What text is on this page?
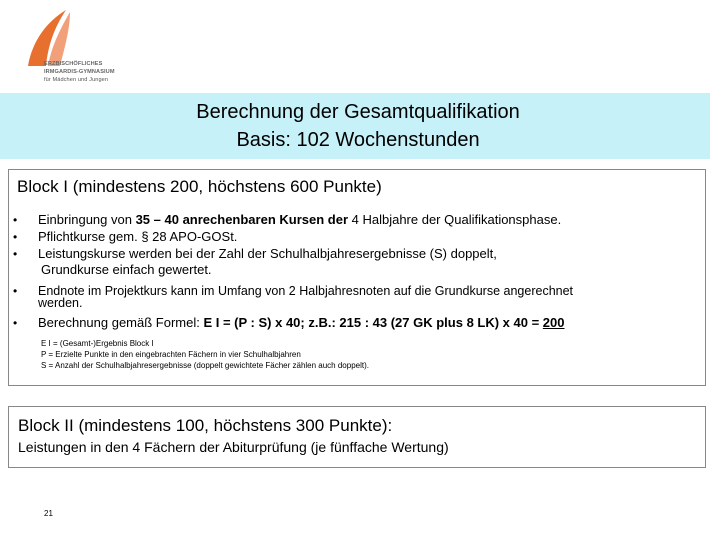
ERZBISCHÖFLICHES
IRMGARDIS-GYMNASIUM
für Mädchen und Jungen
Berechnung der Gesamtqualifikation
Basis: 102 Wochenstunden
Block I (mindestens 200, höchstens 600 Punkte)
• Einbringung von 35 – 40 anrechenbaren Kursen der 4 Halbjahre der Qualifikationsphase.
• Pflichtkurse gem. § 28 APO-GOSt.
• Leistungskurse werden bei der Zahl der Schulhalbjahresergebnisse (S) doppelt,
Grundkurse einfach gewertet.
• Endnote im Projektkurs kann im Umfang von 2 Halbjahresnoten auf die Grundkurse angerechnet
werden.
• Berechnung gemäß Formel: E I = (P : S) x 40; z.B.: 215 : 43 (27 GK plus 8 LK) x 40 = 200
E I = (Gesamt-)Ergebnis Block I
P = Erzielte Punkte in den eingebrachten Fächern in vier Schulhalbjahren
S = Anzahl der Schulhalbjahresergebnisse (doppelt gewichtete Fächer zählen auch doppelt).
Block II (mindestens 100, höchstens 300 Punkte):
Leistungen in den 4 Fächern der Abiturprüfung (je fünffache Wertung)
21
